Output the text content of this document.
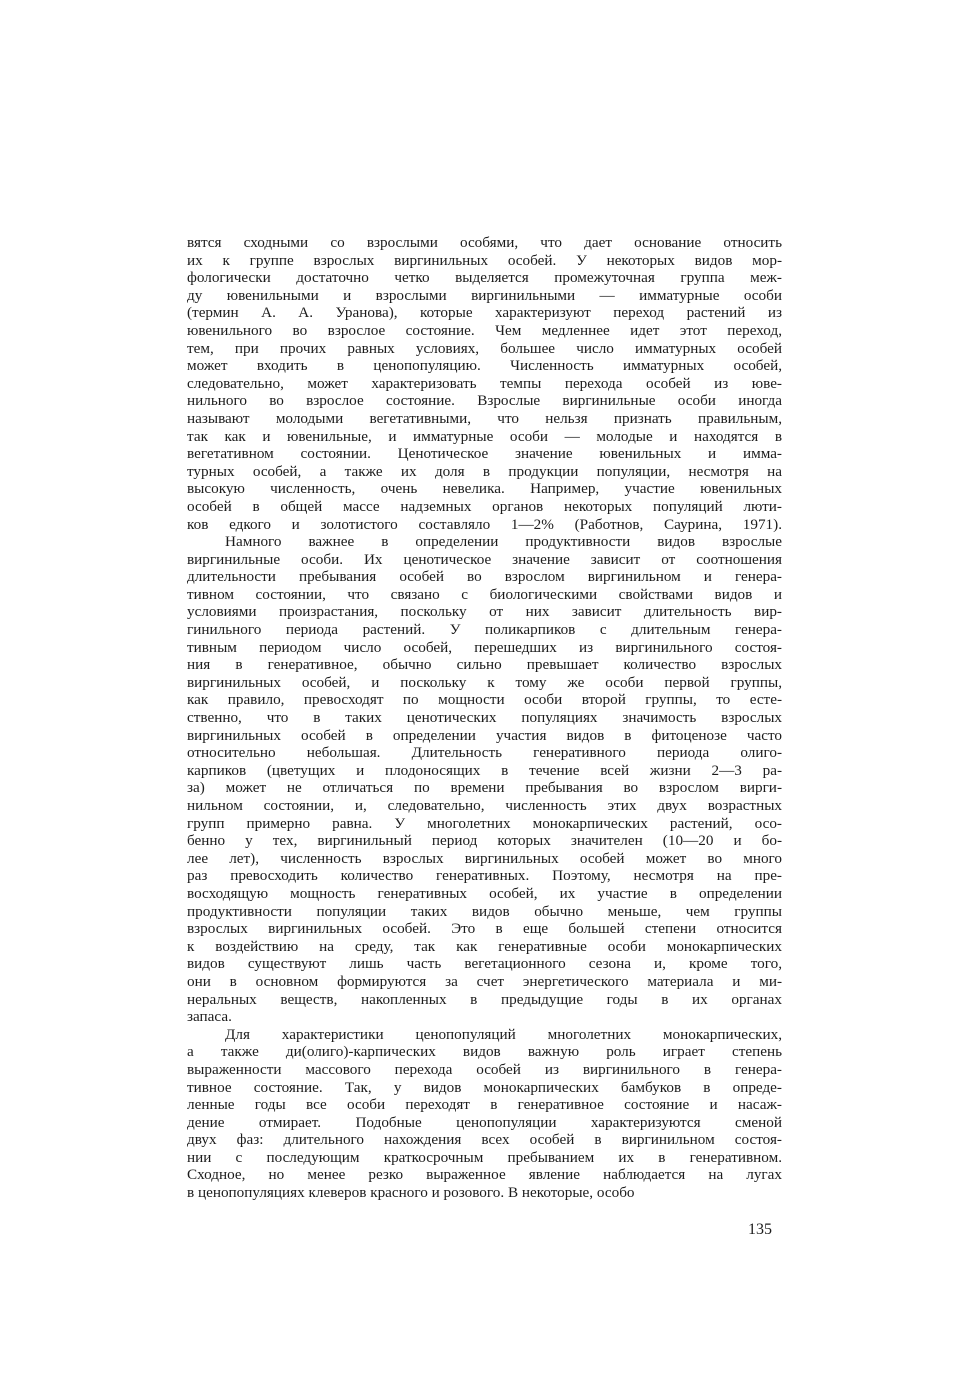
вятся сходными со взрослыми особями, что дает основание относить
их к группе взрослых виргинильных особей. У некоторых видов мор-
фологически достаточно четко выделяется промежуточная группа меж-
ду ювенильными и взрослыми виргинильными — имматурные особи
(термин А. А. Уранова), которые характеризуют переход растений из
ювенильного во взрослое состояние. Чем медленнее идет этот переход,
тем, при прочих равных условиях, большее число имматурных особей
может входить в ценопопуляцию. Численность имматурных особей,
следовательно, может характеризовать темпы перехода особей из юве-
нильного во взрослое состояние. Взрослые виргинильные особи иногда
называют молодыми вегетативными, что нельзя признать правильным,
так как и ювенильные, и имматурные особи — молодые и находятся в
вегетативном состоянии. Ценотическое значение ювенильных и имма-
турных особей, а также их доля в продукции популяции, несмотря на
высокую численность, очень невелика. Например, участие ювенильных
особей в общей массе надземных органов некоторых популяций люти-
ков едкого и золотистого составляло 1—2% (Работнов, Саурина, 1971).
Намного важнее в определении продуктивности видов взрослые
виргинильные особи. Их ценотическое значение зависит от соотношения
длительности пребывания особей во взрослом виргинильном и генера-
тивном состоянии, что связано с биологическими свойствами видов и
условиями произрастания, поскольку от них зависит длительность вир-
гинильного периода растений. У поликарпиков с длительным генера-
тивным периодом число особей, перешедших из виргинильного состоя-
ния в генеративное, обычно сильно превышает количество взрослых
виргинильных особей, и поскольку к тому же особи первой группы,
как правило, превосходят по мощности особи второй группы, то есте-
ственно, что в таких ценотических популяциях значимость взрослых
виргинильных особей в определении участия видов в фитоценозе часто
относительно небольшая. Длительность генеративного периода олиго-
карпиков (цветущих и плодоносящих в течение всей жизни 2—3 ра-
за) может не отличаться по времени пребывания во взрослом вирги-
нильном состоянии, и, следовательно, численность этих двух возрастных
групп примерно равна. У многолетних монокарпических растений, осо-
бенно у тех, виргинильный период которых значителен (10—20 и бо-
лее лет), численность взрослых виргинильных особей может во много
раз превосходить количество генеративных. Поэтому, несмотря на пре-
восходящую мощность генеративных особей, их участие в определении
продуктивности популяции таких видов обычно меньше, чем группы
взрослых виргинильных особей. Это в еще большей степени относится
к воздействию на среду, так как генеративные особи монокарпических
видов существуют лишь часть вегетационного сезона и, кроме того,
они в основном формируются за счет энергетического материала и ми-
неральных веществ, накопленных в предыдущие годы в их органах
запаса.
Для характеристики ценопопуляций многолетних монокарпических,
а также ди(олиго)-карпических видов важную роль играет степень
выраженности массового перехода особей из виргинильного в генера-
тивное состояние. Так, у видов монокарпических бамбуков в опреде-
ленные годы все особи переходят в генеративное состояние и насаж-
дение отмирает. Подобные ценопопуляции характеризуются сменой
двух фаз: длительного нахождения всех особей в виргинильном состоя-
нии с последующим краткосрочным пребыванием их в генеративном.
Сходное, но менее резко выраженное явление наблюдается на лугах
в ценопопуляциях клеверов красного и розового. В некоторые, особо
135
